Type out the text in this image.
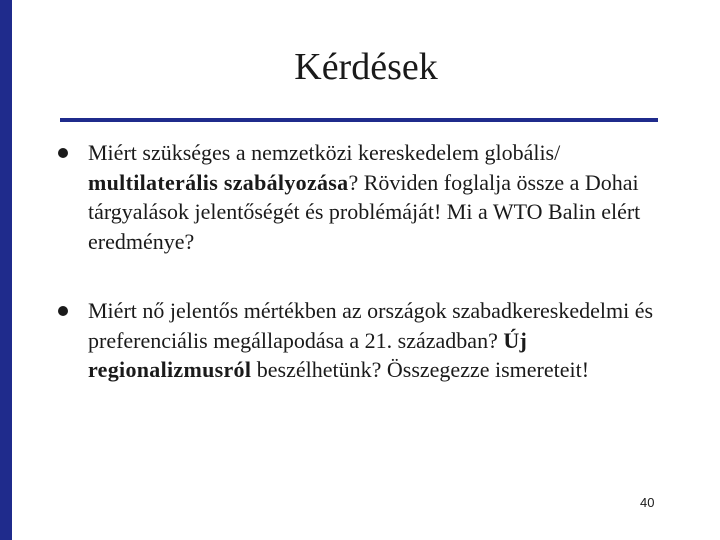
Kérdések
Miért szükséges a nemzetközi kereskedelem globális/ multilaterális szabályozása? Röviden foglalja össze a Dohai tárgyalások jelentőségét és problémáját! Mi a WTO Balin elért eredménye?
Miért nő jelentős mértékben az országok szabadkereskedelmi és preferenciális megállapodása a 21. században? Új regionalizmusról beszélhetünk? Összegezze ismereteit!
40
